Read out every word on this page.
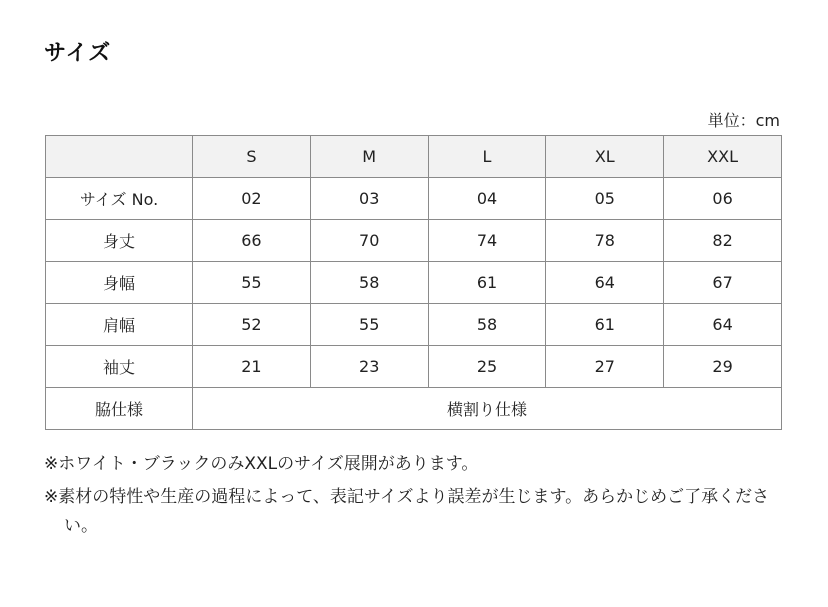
サイズ
単位：cm
	S	M	L	XL	XXL
サイズ No.	02	03	04	05	06
身丈	66	70	74	78	82
身幅	55	58	61	64	67
肩幅	52	55	58	61	64
袖丈	21	23	25	27	29
脇仕様	横割り仕様				

※ホワイト・ブラックのみXXLのサイズ展開があります。

※素材の特性や生産の過程によって、表記サイズより誤差が生じます。あらかじめご了承ください。
